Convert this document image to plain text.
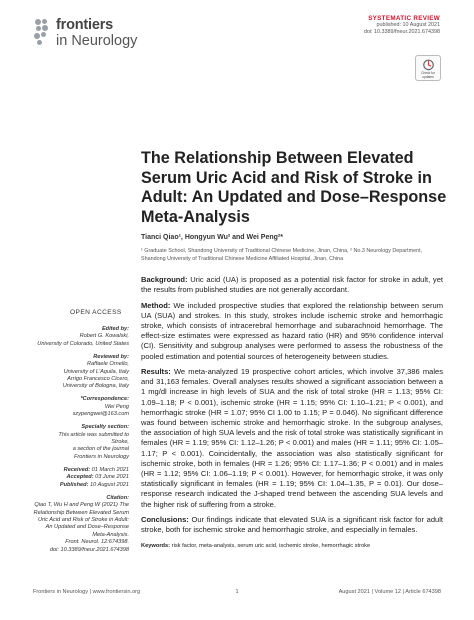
frontiers
in Neurology
SYSTEMATIC REVIEW
published: 10 August 2021
doi: 10.3389/fneur.2021.674398
Check for
updates
The Relationship Between Elevated Serum Uric Acid and Risk of Stroke in Adult: An Updated and Dose–Response Meta-Analysis
Tianci Qiao¹, Hongyun Wu² and Wei Peng²*
¹ Graduate School, Shandong University of Traditional Chinese Medicine, Jinan, China, ² No.3 Neurology Department, Shandong University of Traditional Chinese Medicine Affiliated Hospital, Jinan, China

Background: Uric acid (UA) is proposed as a potential risk factor for stroke in adult, yet the results from published studies are not generally accordant.

Method: We included prospective studies that explored the relationship between serum UA (SUA) and strokes. In this study, strokes include ischemic stroke and hemorrhagic stroke, which consists of intracerebral hemorrhage and subarachnoid hemorrhage. The effect-size estimates were expressed as hazard ratio (HR) and 95% confidence interval (CI). Sensitivity and subgroup analyses were performed to assess the robustness of the pooled estimation and potential sources of heterogeneity between studies.

Results: We meta-analyzed 19 prospective cohort articles, which involve 37,386 males and 31,163 females. Overall analyses results showed a significant association between a 1 mg/dl increase in high levels of SUA and the risk of total stroke (HR = 1.13; 95% CI: 1.09–1.18; P < 0.001), ischemic stroke (HR = 1.15; 95% CI: 1.10–1.21; P < 0.001), and hemorrhagic stroke (HR = 1.07; 95% CI 1.00 to 1.15; P = 0.046). No significant difference was found between ischemic stroke and hemorrhagic stroke. In the subgroup analyses, the association of high SUA levels and the risk of total stroke was statistically significant in females (HR = 1.19; 95% CI: 1.12–1.26; P < 0.001) and males (HR = 1.11; 95% CI: 1.05–1.17; P < 0.001). Coincidentally, the association was also statistically significant for ischemic stroke, both in females (HR = 1.26; 95% CI: 1.17–1.36; P < 0.001) and in males (HR = 1.12; 95% CI: 1.06–1.19; P < 0.001). However, for hemorrhagic stroke, it was only statistically significant in females (HR = 1.19; 95% CI: 1.04–1.35, P = 0.01). Our dose–response research indicated the J-shaped trend between the ascending SUA levels and the higher risk of suffering from a stroke.

Conclusions: Our findings indicate that elevated SUA is a significant risk factor for adult stroke, both for ischemic stroke and hemorrhagic stroke, and especially in females.

Keywords: risk factor, meta-analysis, serum uric acid, ischemic stroke, hemorrhagic stroke

OPEN ACCESS
Edited by:
Robert G. Kowalski,
University of Colorado, United States
Reviewed by:
Raffaele Ornello,
University of L'Aquila, Italy
Arrigo Francesco Cicero,
University of Bologna, Italy
*Correspondence:
Wei Peng
szypengwei@163.com
Specialty section:
This article was submitted to
Stroke,
a section of the journal
Frontiers in Neurology
Received: 01 March 2021
Accepted: 03 June 2021
Published: 10 August 2021
Citation:
Qiao T, Wu H and Peng W (2021) The
Relationship Between Elevated Serum
Uric Acid and Risk of Stroke in Adult:
An Updated and Dose–Response
Meta-Analysis.
Front. Neurol. 12:674398.
doi: 10.3389/fneur.2021.674398
Frontiers in Neurology | www.frontiersin.org	1	August 2021 | Volume 12 | Article 674398
